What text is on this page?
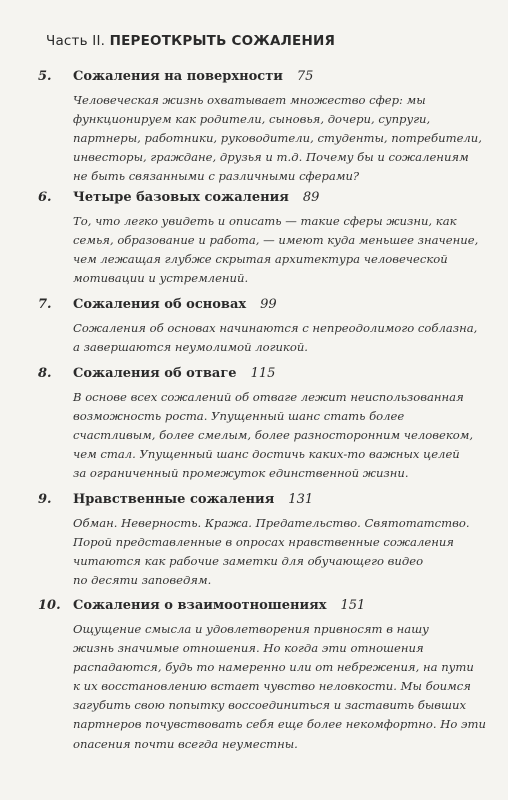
Часть II. ПЕРЕОТКРЫТЬ СОЖАЛЕНИЯ
5.	Сожаления на поверхности 75

Человеческая жизнь охватывает множество сфер: мы
функционируем как родители, сыновья, дочери, супруги,
партнеры, работники, руководители, студенты, потребители,
инвесторы, граждане, друзья и т.д. Почему бы и сожалениям
не быть связанными с различными сферами?

6.	Четыре базовых сожаления 89

То, что легко увидеть и описать — такие сферы жизни, как
семья, образование и работа, — имеют куда меньшее значение,
чем лежащая глубже скрытая архитектура человеческой
мотивации и устремлений.

7.	Сожаления об основах 99

Сожаления об основах начинаются с непреодолимого соблазна,
а завершаются неумолимой логикой.

8.	Сожаления об отваге 115

В основе всех сожалений об отваге лежит неиспользованная
возможность роста. Упущенный шанс стать более
счастливым, более смелым, более разносторонним человеком,
чем стал. Упущенный шанс достичь каких-то важных целей
за ограниченный промежуток единственной жизни.

9.	Нравственные сожаления 131

Обман. Неверность. Кража. Предательство. Святотатство.
Порой представленные в опросах нравственные сожаления
читаются как рабочие заметки для обучающего видео
по десяти заповедям.

10. Сожаления о взаимоотношениях 151

Ощущение смысла и удовлетворения привносят в нашу
жизнь значимые отношения. Но когда эти отношения
распадаются, будь то намеренно или от небрежения, на пути
к их восстановлению встает чувство неловкости. Мы боимся
загубить свою попытку воссоединиться и заставить бывших
партнеров почувствовать себя еще более некомфортно. Но эти
опасения почти всегда неуместны.
